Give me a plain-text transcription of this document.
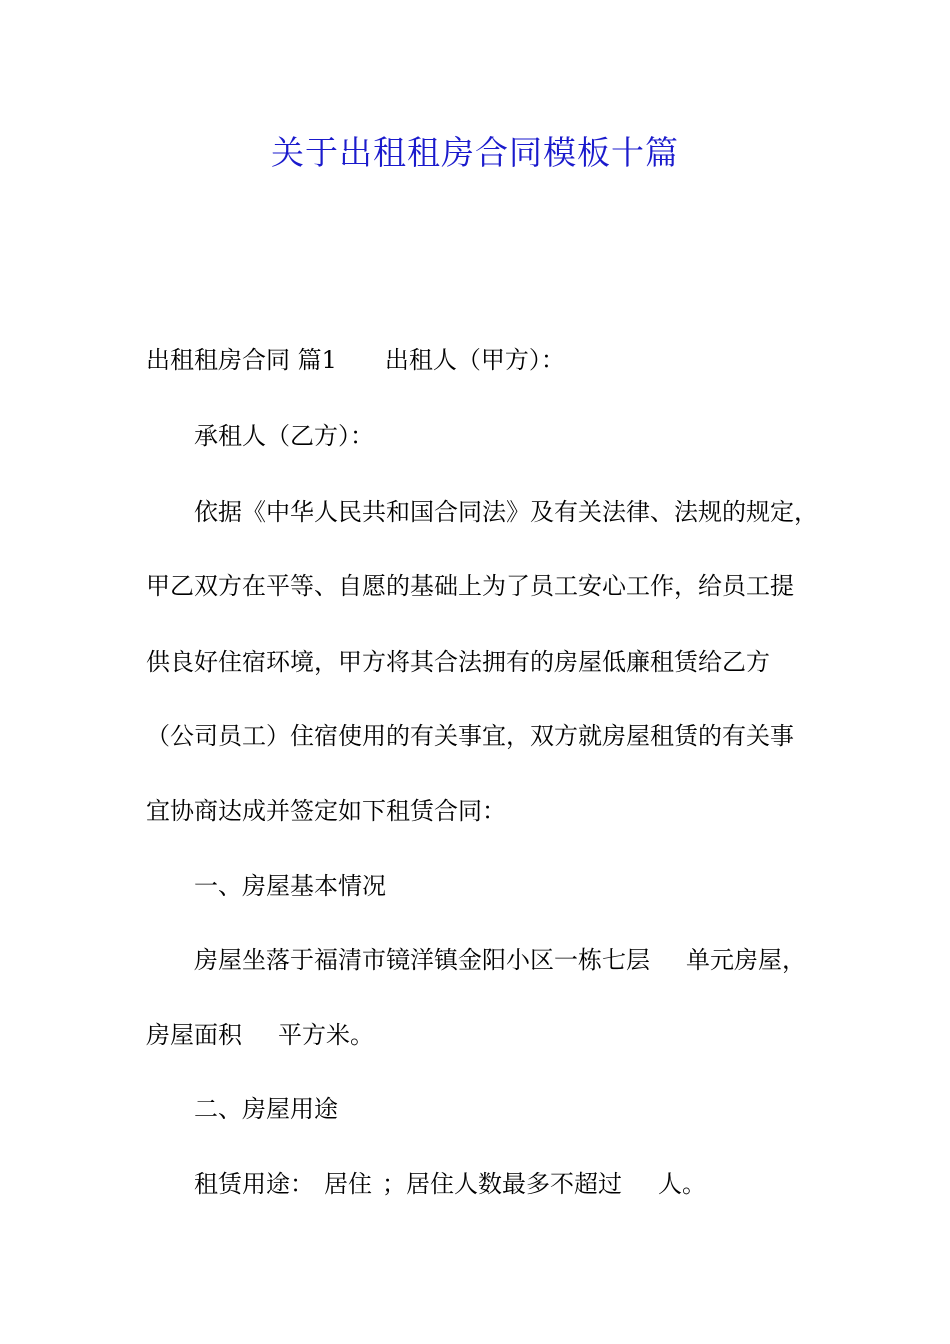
关于出租租房合同模板十篇
出租租房合同 篇1 出租人（甲方）：
承租人（乙方）：
依据《中华人民共和国合同法》及有关法律、法规的规定，
甲乙双方在平等、自愿的基础上为了员工安心工作，给员工提
供良好住宿环境，甲方将其合法拥有的房屋低廉租赁给乙方
（公司员工）住宿使用的有关事宜，双方就房屋租赁的有关事
宜协商达成并签定如下租赁合同：
一、房屋基本情况
房屋坐落于福清市镜洋镇金阳小区一栋七层 单元房屋，
房屋面积 平方米。
二、房屋用途
租赁用途： 居住 ；居住人数最多不超过 人。
